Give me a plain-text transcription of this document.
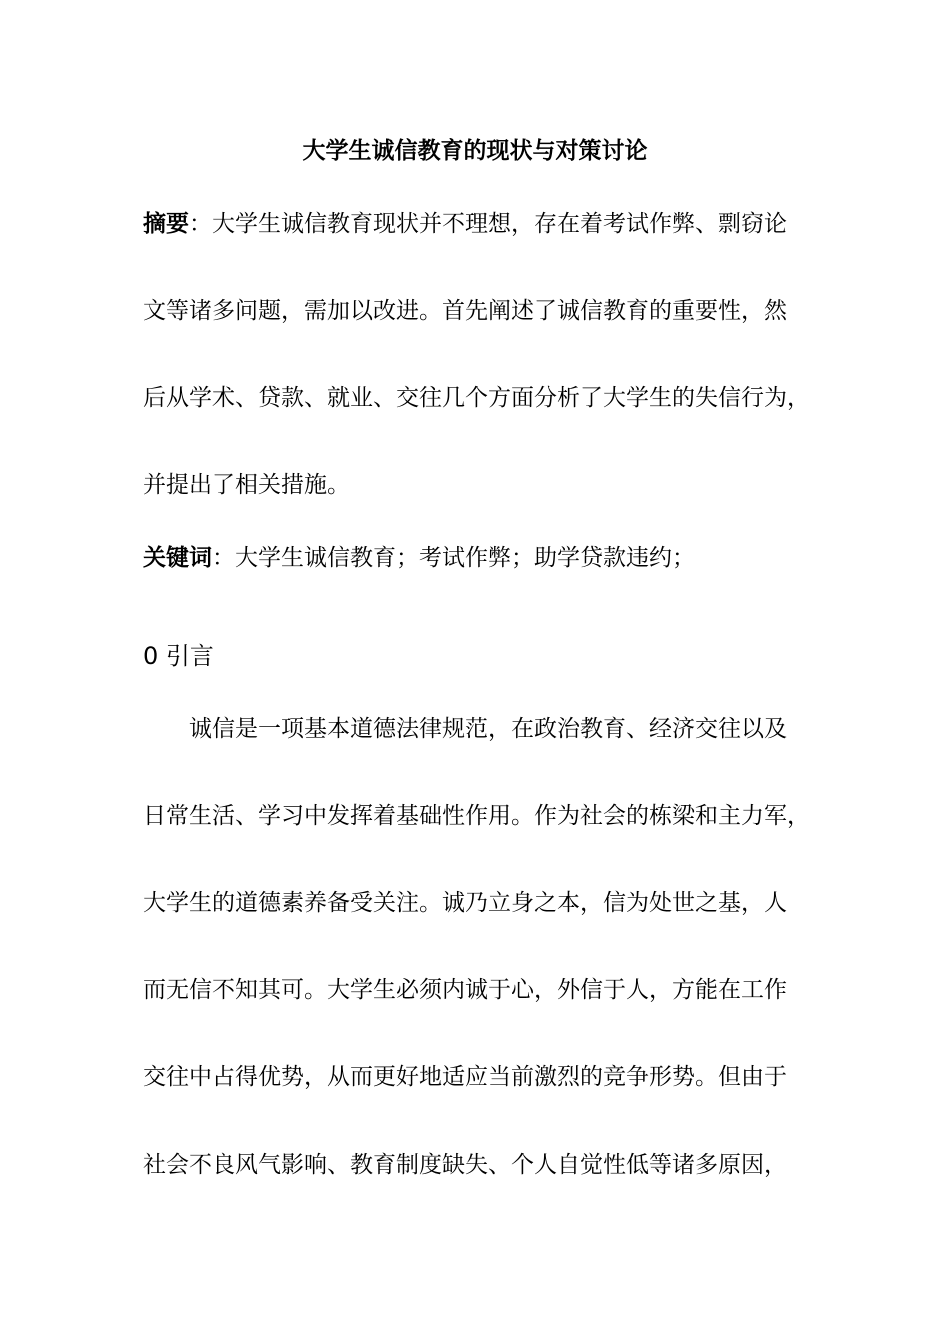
大学生诚信教育的现状与对策讨论
摘要：大学生诚信教育现状并不理想，存在着考试作弊、剽窃论
文等诸多问题，需加以改进。首先阐述了诚信教育的重要性，然
后从学术、贷款、就业、交往几个方面分析了大学生的失信行为，
并提出了相关措施。
关键词：大学生诚信教育；考试作弊；助学贷款违约；
0 引言
诚信是一项基本道德法律规范，在政治教育、经济交往以及
日常生活、学习中发挥着基础性作用。作为社会的栋梁和主力军，
大学生的道德素养备受关注。诚乃立身之本，信为处世之基，人
而无信不知其可。大学生必须内诚于心，外信于人，方能在工作
交往中占得优势，从而更好地适应当前激烈的竞争形势。但由于
社会不良风气影响、教育制度缺失、个人自觉性低等诸多原因，
